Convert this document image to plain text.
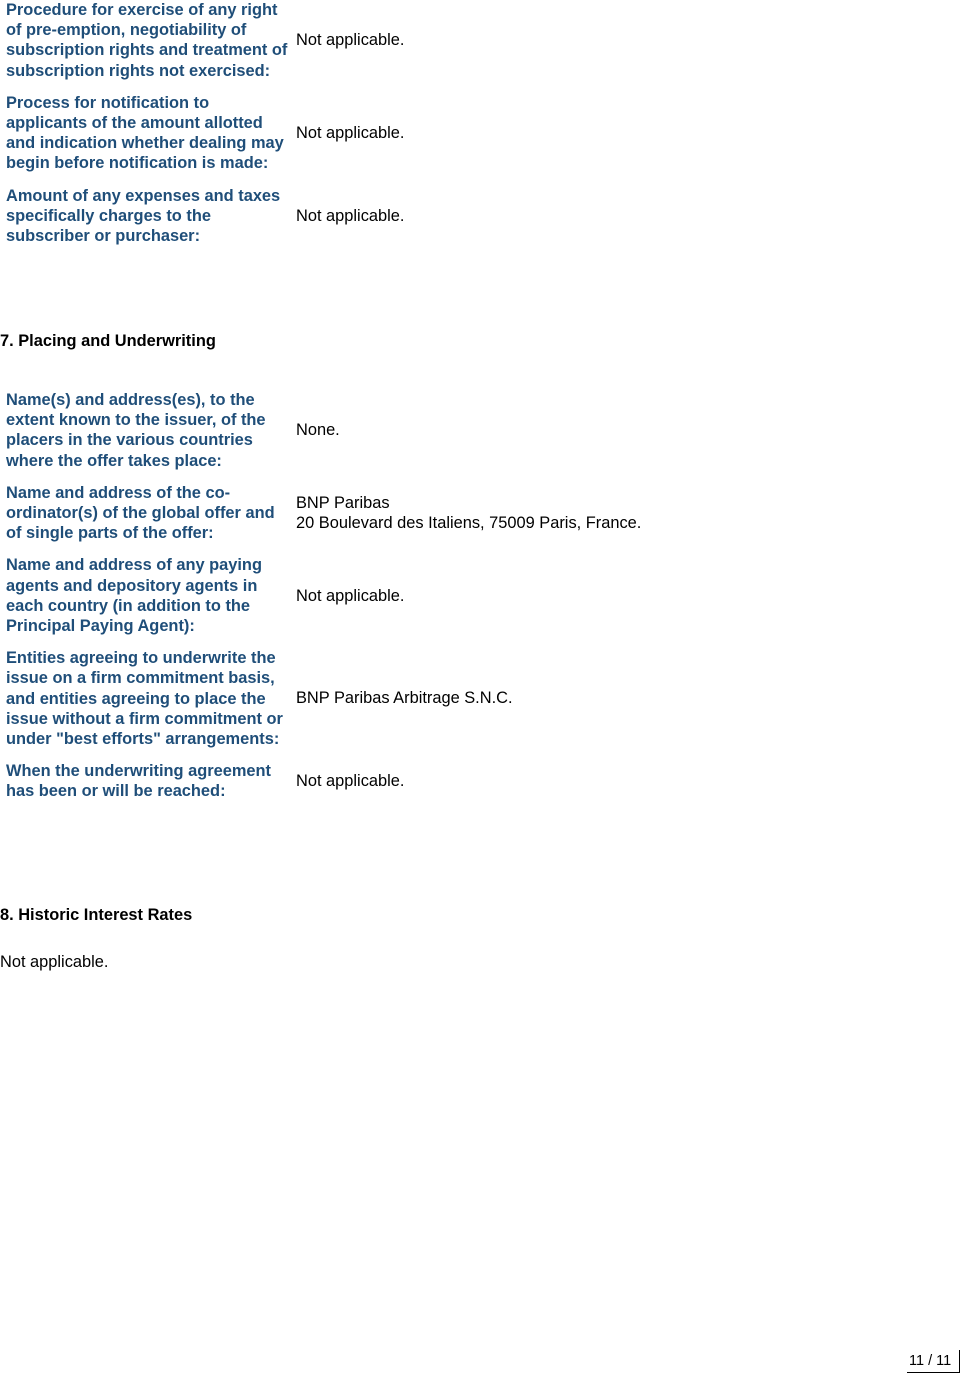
Procedure for exercise of any right of pre-emption, negotiability of subscription rights and treatment of subscription rights not exercised:	Not applicable.

Process for notification to applicants of the amount allotted and indication whether dealing may begin before notification is made:	Not applicable.

Amount of any expenses and taxes specifically charges to the subscriber or purchaser:	Not applicable.
7. Placing and Underwriting
Name(s) and address(es), to the extent known to the issuer, of the placers in the various countries where the offer takes place:	None.

Name and address of the co-ordinator(s) of the global offer and of single parts of the offer:	BNP Paribas
20 Boulevard des Italiens, 75009 Paris, France.

Name and address of any paying agents and depository agents in each country (in addition to the Principal Paying Agent):	Not applicable.

Entities agreeing to underwrite the issue on a firm commitment basis, and entities agreeing to place the issue without a firm commitment or under "best efforts" arrangements:	BNP Paribas Arbitrage S.N.C.

When the underwriting agreement has been or will be reached:	Not applicable.
8. Historic Interest Rates

Not applicable.

11 / 11
